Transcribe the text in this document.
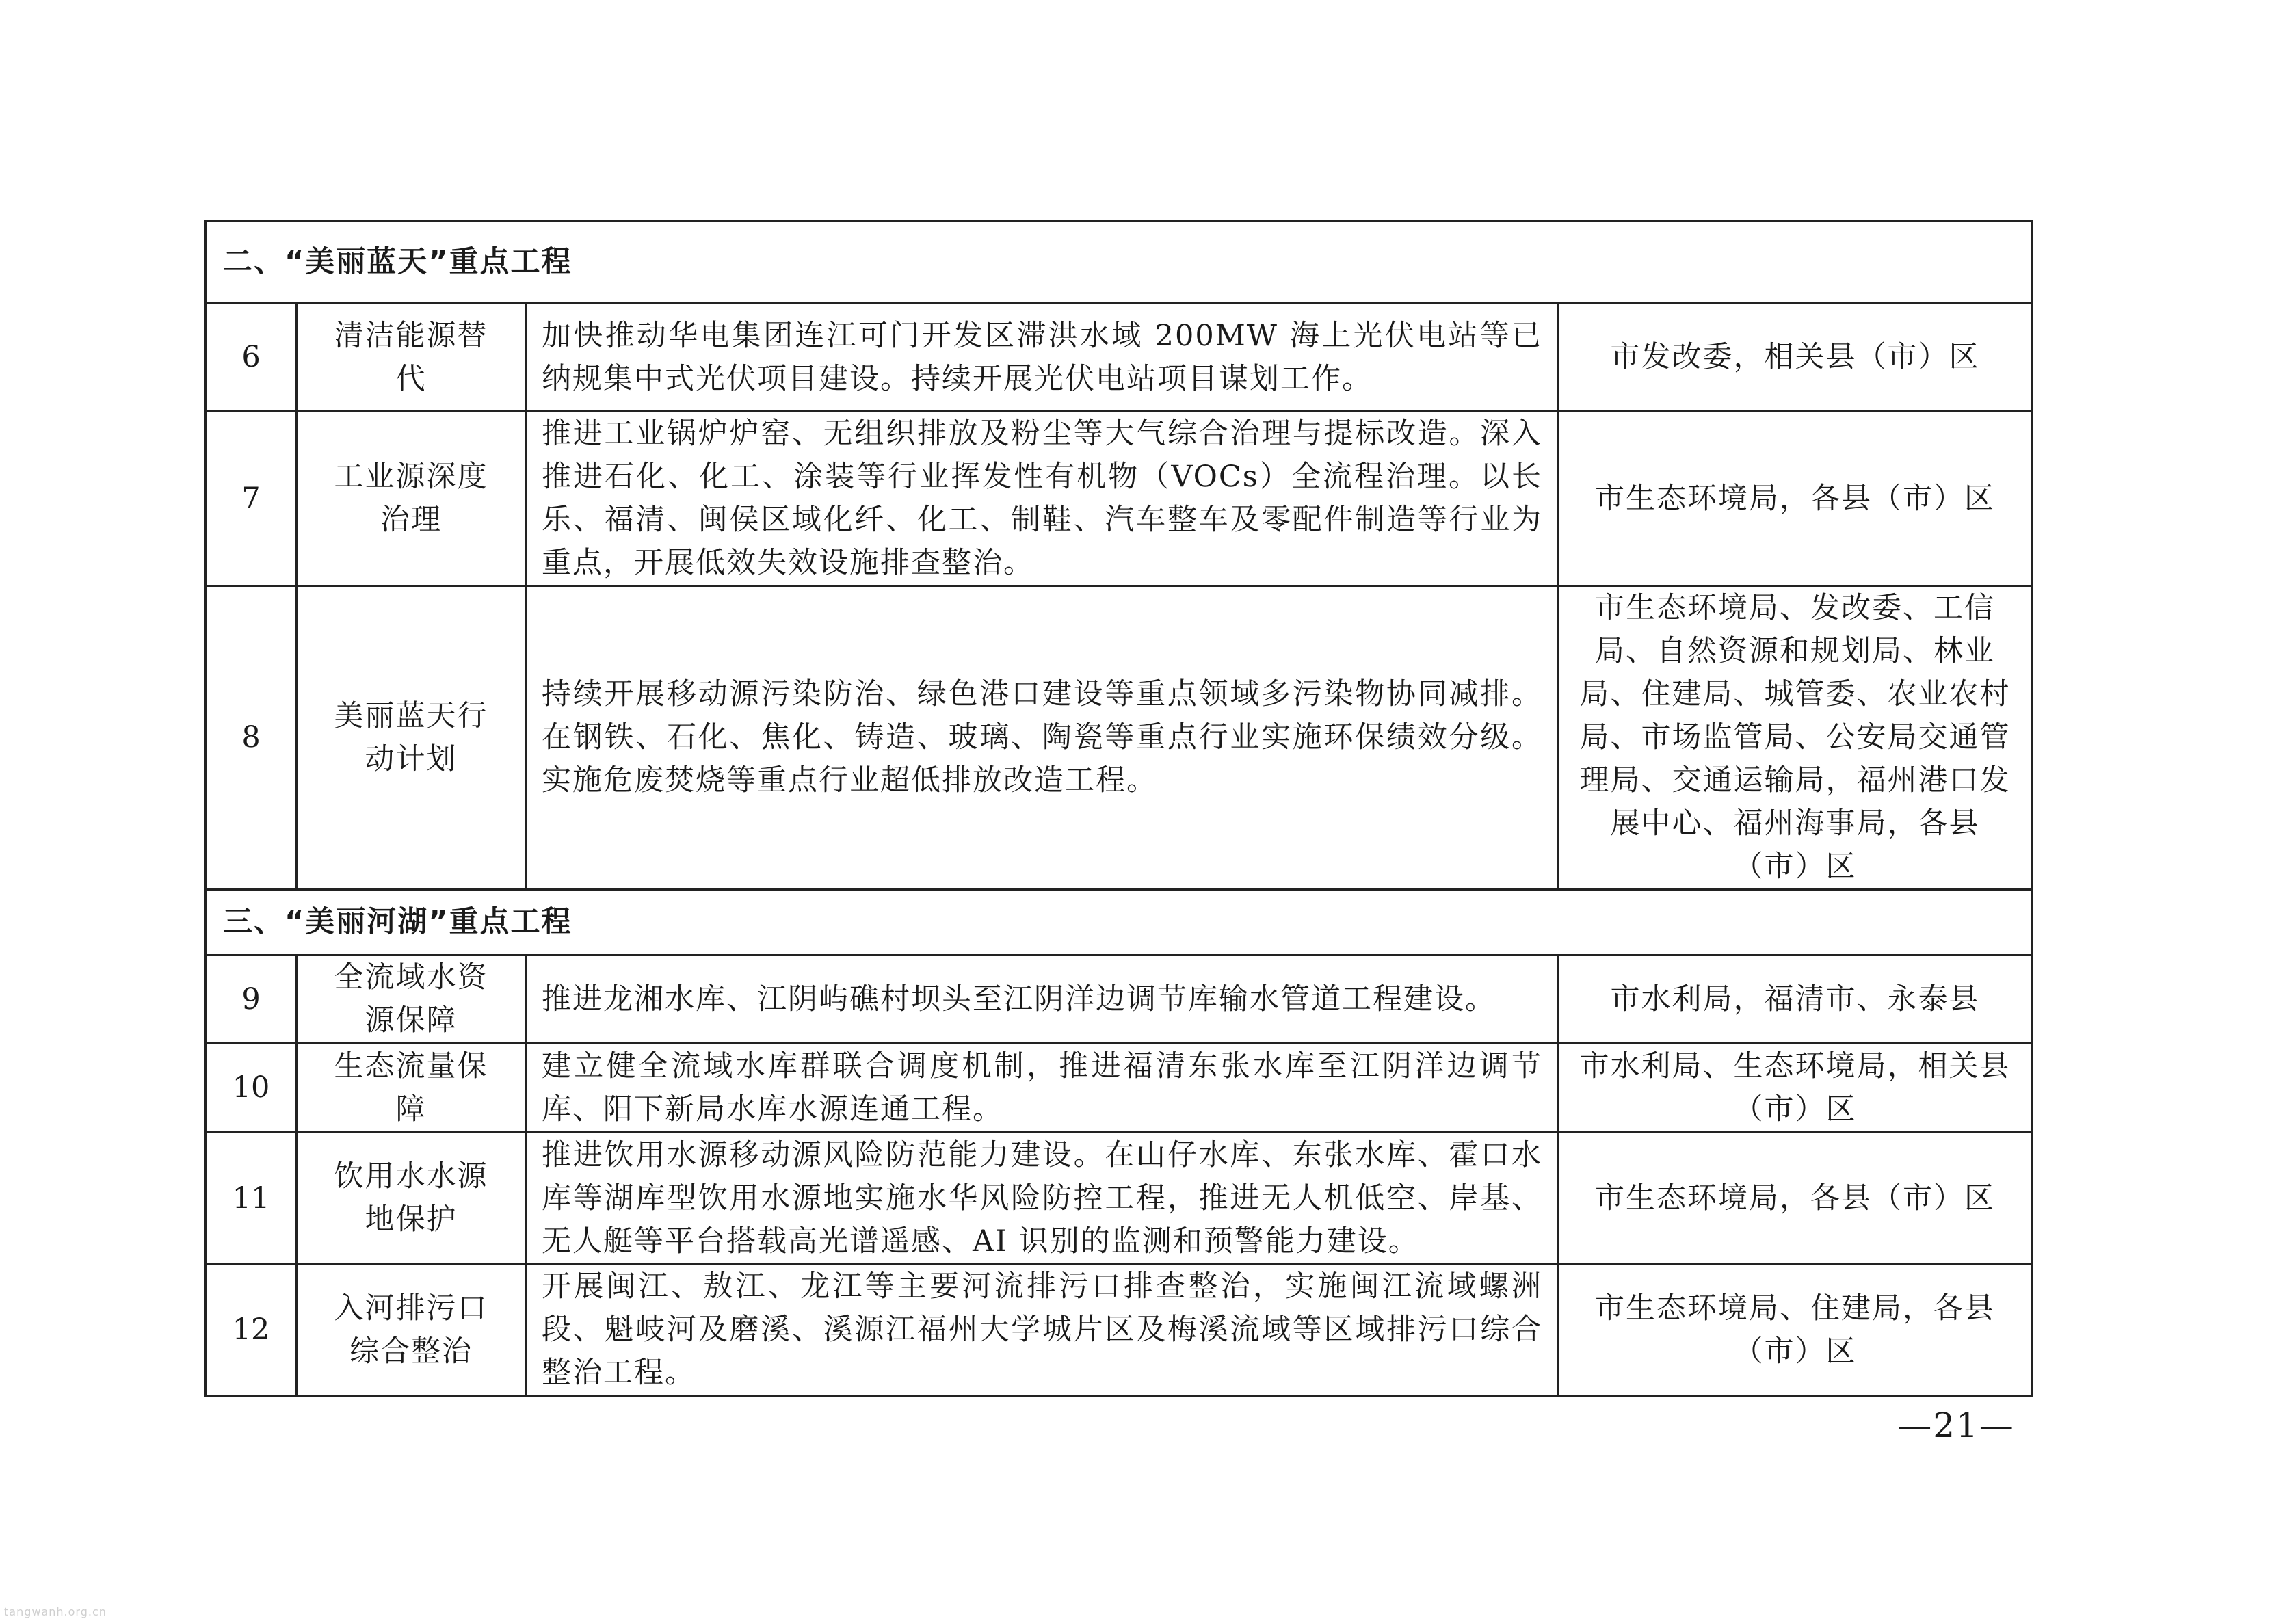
二、“美丽蓝天”重点工程			
6	清洁能源替代	加快推动华电集团连江可门开发区滞洪水域 200MW 海上光伏电站等已纳规集中式光伏项目建设。持续开展光伏电站项目谋划工作。	市发改委，相关县（市）区
7	工业源深度治理	推进工业锅炉炉窑、无组织排放及粉尘等大气综合治理与提标改造。深入推进石化、化工、涂装等行业挥发性有机物（VOCs）全流程治理。以长乐、福清、闽侯区域化纤、化工、制鞋、汽车整车及零配件制造等行业为重点，开展低效失效设施排查整治。	市生态环境局，各县（市）区
8	美丽蓝天行动计划	持续开展移动源污染防治、绿色港口建设等重点领域多污染物协同减排。在钢铁、石化、焦化、铸造、玻璃、陶瓷等重点行业实施环保绩效分级。实施危废焚烧等重点行业超低排放改造工程。	市生态环境局、发改委、工信局、自然资源和规划局、林业局、住建局、城管委、农业农村局、市场监管局、公安局交通管理局、交通运输局，福州港口发展中心、福州海事局，各县（市）区
三、“美丽河湖”重点工程			
9	全流域水资源保障	推进龙湘水库、江阴屿礁村坝头至江阴洋边调节库输水管道工程建设。	市水利局，福清市、永泰县
10	生态流量保障	建立健全流域水库群联合调度机制，推进福清东张水库至江阴洋边调节库、阳下新局水库水源连通工程。	市水利局、生态环境局，相关县（市）区
11	饮用水水源地保护	推进饮用水源移动源风险防范能力建设。在山仔水库、东张水库、霍口水库等湖库型饮用水源地实施水华风险防控工程，推进无人机低空、岸基、无人艇等平台搭载高光谱遥感、AI 识别的监测和预警能力建设。	市生态环境局，各县（市）区
12	入河排污口综合整治	开展闽江、敖江、龙江等主要河流排污口排查整治，实施闽江流域螺洲段、魁岐河及磨溪、溪源江福州大学城片区及梅溪流域等区域排污口综合整治工程。	市生态环境局、住建局，各县（市）区
—21—
tangwanh.org.cn
